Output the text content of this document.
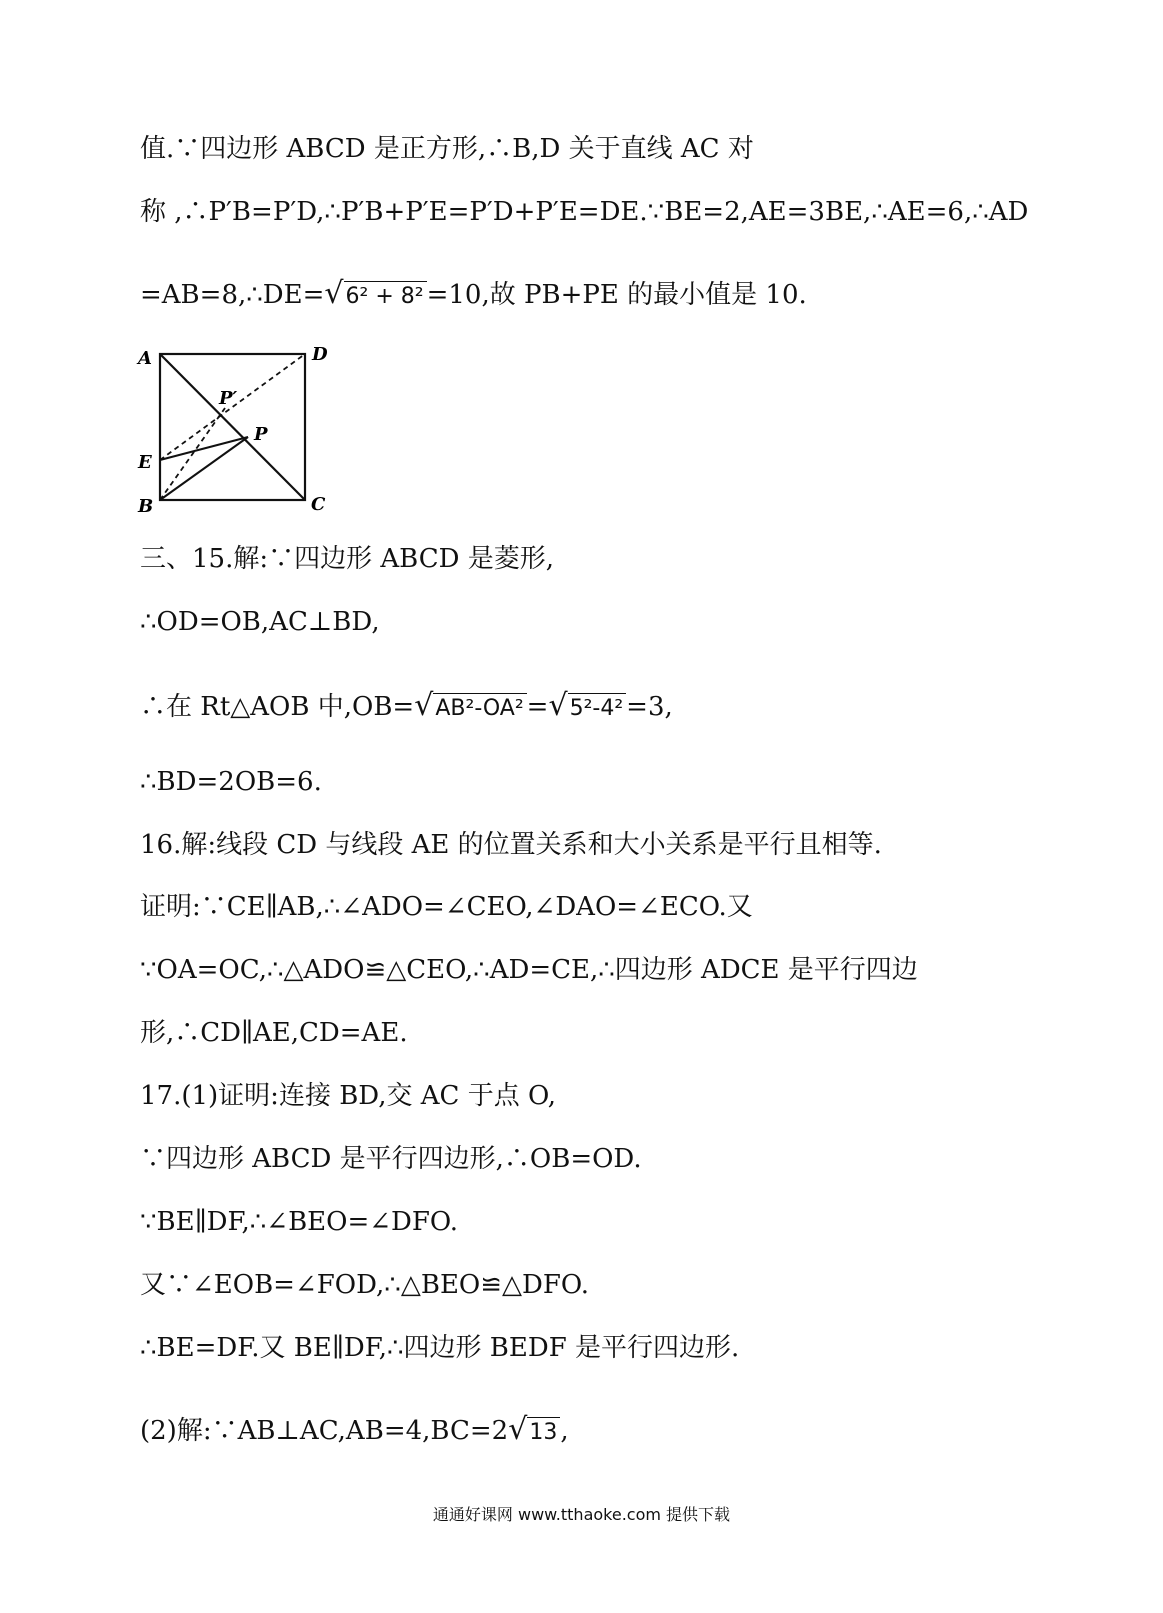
值.∵四边形 ABCD 是正方形,∴B,D 关于直线 AC 对
称 ,∴P′B=P′D,∴P′B+P′E=P′D+P′E=DE.∵BE=2,AE=3BE,∴AE=6,∴AD
=AB=8,∴DE=√6² + 8² =10,故 PB+PE 的最小值是 10.
A	D
E
B	C
P
P′
三、15.解:∵四边形 ABCD 是菱形,
∴OD=OB,AC⊥BD,
∴在 Rt△AOB 中,OB=√AB²-OA² =√5²-4² =3,
∴BD=2OB=6.
16.解:线段 CD 与线段 AE 的位置关系和大小关系是平行且相等.
证明:∵CE∥AB,∴∠ADO=∠CEO,∠DAO=∠ECO.又
∵OA=OC,∴△ADO≌△CEO,∴AD=CE,∴四边形 ADCE 是平行四边
形,∴CD∥AE,CD=AE.
17.(1)证明:连接 BD,交 AC 于点 O,
∵四边形 ABCD 是平行四边形,∴OB=OD.
∵BE∥DF,∴∠BEO=∠DFO.
又∵∠EOB=∠FOD,∴△BEO≌△DFO.
∴BE=DF.又 BE∥DF,∴四边形 BEDF 是平行四边形.
(2)解:∵AB⊥AC,AB=4,BC=2√13 ,
通通好课网 www.tthaoke.com 提供下载
